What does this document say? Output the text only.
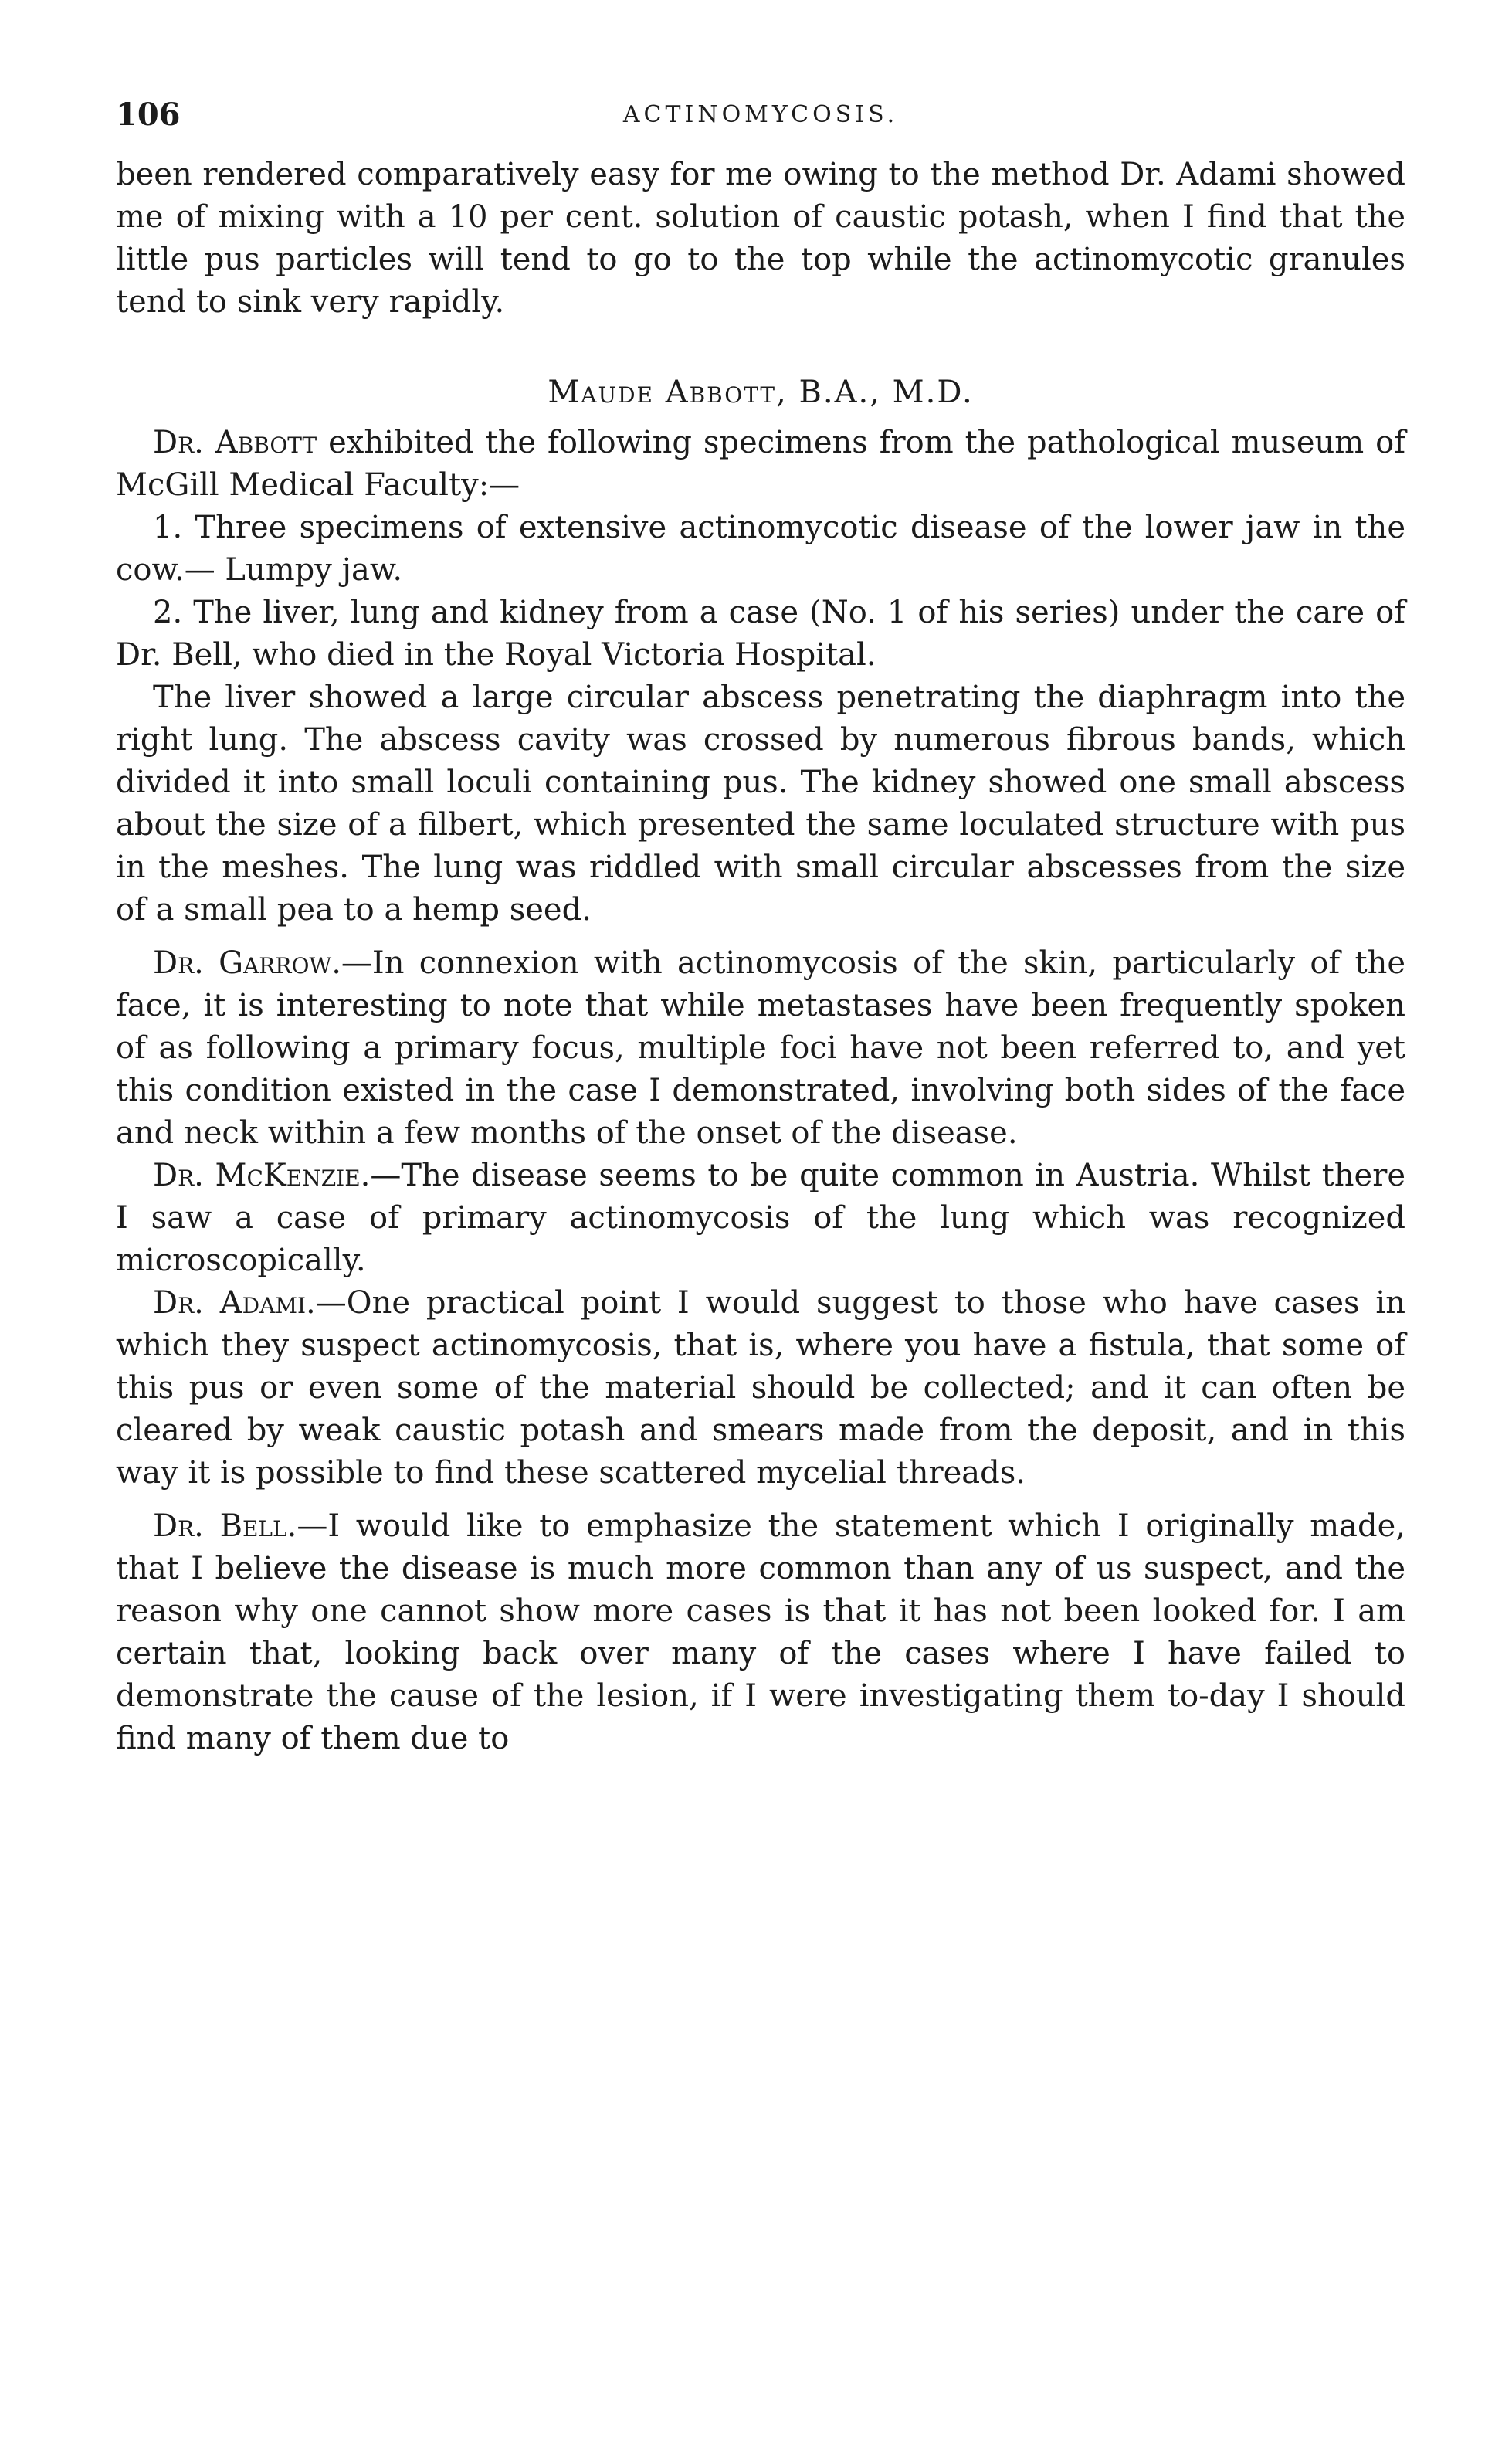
106	ACTINOMYCOSIS.

been rendered comparatively easy for me owing to the method Dr. Adami showed me of mixing with a 10 per cent. solution of caustic potash, when I find that the little pus particles will tend to go to the top while the actinomycotic granules tend to sink very rapidly.

Maude Abbott, B.A., M.D.

Dr. Abbott exhibited the following specimens from the pathological museum of McGill Medical Faculty:—

1. Three specimens of extensive actinomycotic disease of the lower jaw in the cow.— Lumpy jaw.

2. The liver, lung and kidney from a case (No. 1 of his series) under the care of Dr. Bell, who died in the Royal Victoria Hospital.

The liver showed a large circular abscess penetrating the diaphragm into the right lung. The abscess cavity was crossed by numerous fibrous bands, which divided it into small loculi containing pus. The kidney showed one small abscess about the size of a filbert, which presented the same loculated structure with pus in the meshes. The lung was riddled with small circular abscesses from the size of a small pea to a hemp seed.

Dr. Garrow.—In connexion with actinomycosis of the skin, particularly of the face, it is interesting to note that while metastases have been frequently spoken of as following a primary focus, multiple foci have not been referred to, and yet this condition existed in the case I demonstrated, involving both sides of the face and neck within a few months of the onset of the disease.

Dr. McKenzie.—The disease seems to be quite common in Austria. Whilst there I saw a case of primary actinomycosis of the lung which was recognized microscopically.

Dr. Adami.—One practical point I would suggest to those who have cases in which they suspect actinomycosis, that is, where you have a fistula, that some of this pus or even some of the material should be collected; and it can often be cleared by weak caustic potash and smears made from the deposit, and in this way it is possible to find these scattered mycelial threads.

Dr. Bell.—I would like to emphasize the statement which I originally made, that I believe the disease is much more common than any of us suspect, and the reason why one cannot show more cases is that it has not been looked for. I am certain that, looking back over many of the cases where I have failed to demonstrate the cause of the lesion, if I were investigating them to-day I should find many of them due to
